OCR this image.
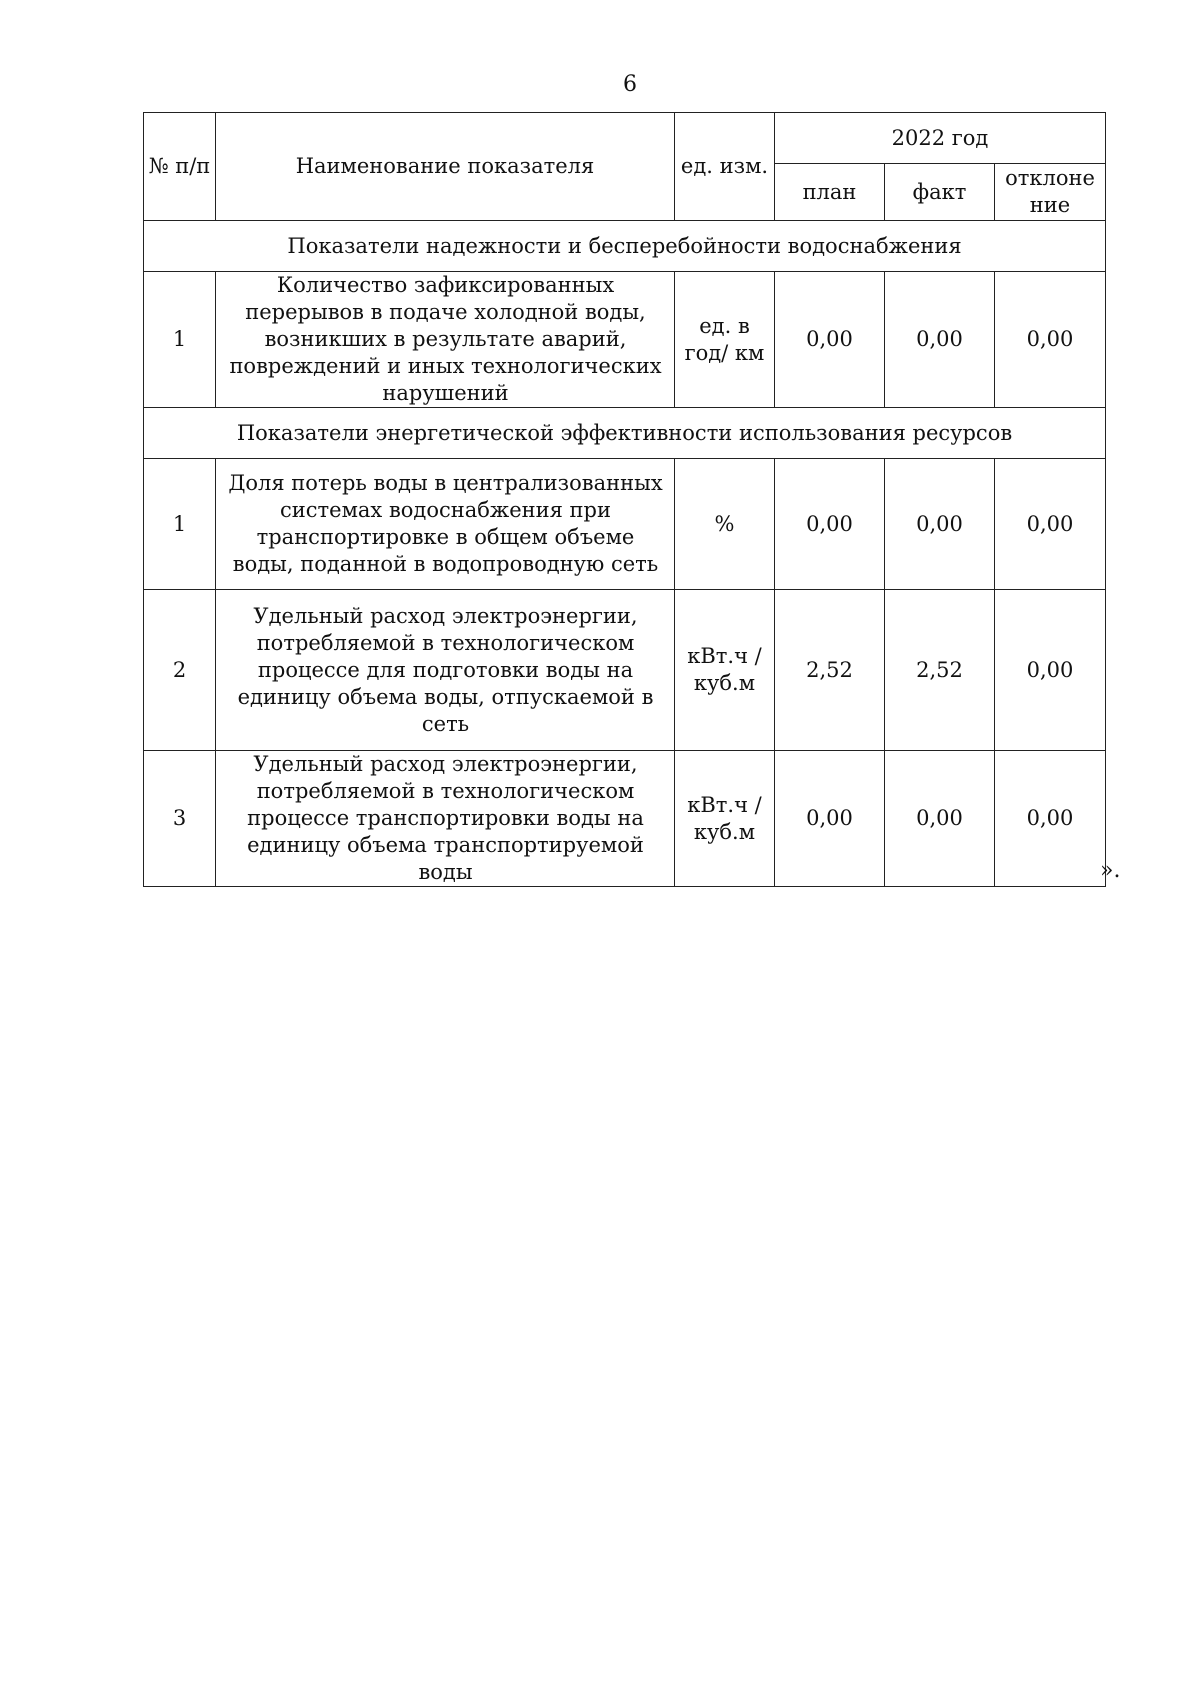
6
№ п/п	Наименование показателя	ед. изм.	2022 год		
			план	факт	отклоне ние
Показатели надежности и бесперебойности водоснабжения					
1	Количество зафиксированных перерывов в подаче холодной воды, возникших в результате аварий, повреждений и иных технологических нарушений	ед. в год/ км	0,00	0,00	0,00
Показатели энергетической эффективности использования ресурсов					
1	Доля потерь воды в централизованных системах водоснабжения при транспортировке в общем объеме воды, поданной в водопроводную сеть	%	0,00	0,00	0,00
2	Удельный расход электроэнергии, потребляемой в технологическом процессе для подготовки воды на единицу объема воды, отпускаемой в сеть	кВт.ч / куб.м	2,52	2,52	0,00
3	Удельный расход электроэнергии, потребляемой в технологическом процессе транспортировки воды на единицу объема транспортируемой воды	кВт.ч / куб.м	0,00	0,00	0,00
».
